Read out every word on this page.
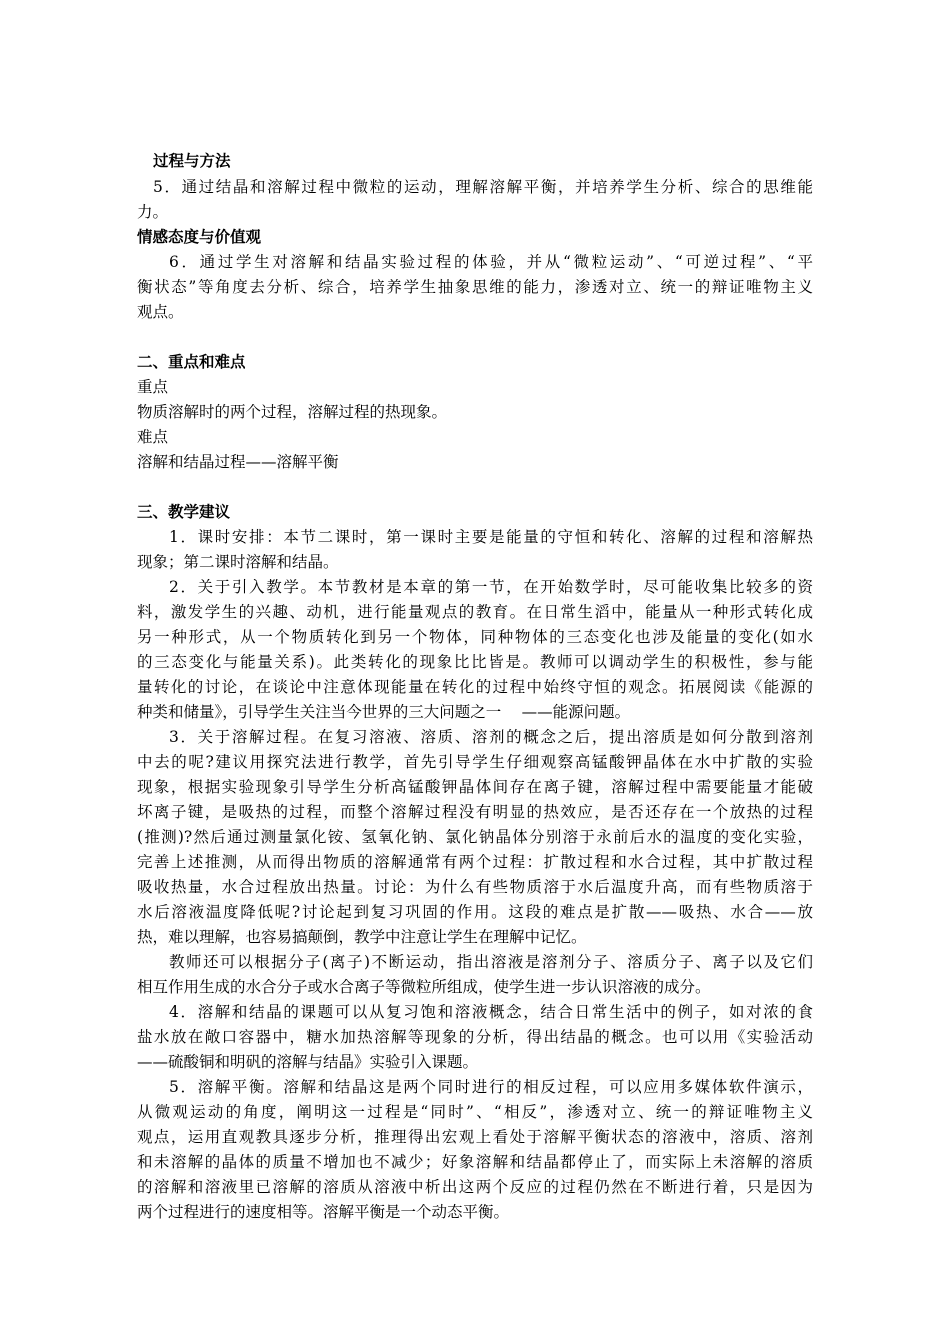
过程与方法
5．通过结晶和溶解过程中微粒的运动，理解溶解平衡，并培养学生分析、综合的思维能
力。
情感态度与价值观
6．通过学生对溶解和结晶实验过程的体验，并从“微粒运动”、“可逆过程”、“平
衡状态”等角度去分析、综合，培养学生抽象思维的能力，渗透对立、统一的辩证唯物主义
观点。
二、重点和难点
重点
物质溶解时的两个过程，溶解过程的热现象。
难点
溶解和结晶过程——溶解平衡
三、教学建议
1．课时安排：本节二课时，第一课时主要是能量的守恒和转化、溶解的过程和溶解热
现象；第二课时溶解和结晶。
2．关于引入教学。本节教材是本章的第一节，在开始数学时，尽可能收集比较多的资
料，激发学生的兴趣、动机，进行能量观点的教育。在日常生滔中，能量从一种形式转化成
另一种形式，从一个物质转化到另一个物体，同种物体的三态变化也涉及能量的变化(如水
的三态变化与能量关系)。此类转化的现象比比皆是。教师可以调动学生的积极性，参与能
量转化的讨论，在谈论中注意体现能量在转化的过程中始终守恒的观念。拓展阅读《能源的
种类和储量》，引导学生关注当今世界的三大问题之一　 ——能源问题。
3．关于溶解过程。在复习溶液、溶质、溶剂的概念之后，提出溶质是如何分散到溶剂
中去的呢?建议用探究法进行教学，首先引导学生仔细观察高锰酸钾晶体在水中扩散的实验
现象，根据实验现象引导学生分析高锰酸钾晶体间存在离子键，溶解过程中需要能量才能破
坏离子键，是吸热的过程，而整个溶解过程没有明显的热效应，是否还存在一个放热的过程
(推测)?然后通过测量氯化铵、氢氧化钠、氯化钠晶体分别溶于永前后水的温度的变化实验，
完善上述推测，从而得出物质的溶解通常有两个过程：扩散过程和水合过程，其中扩散过程
吸收热量，水合过程放出热量。讨论：为什么有些物质溶于水后温度升高，而有些物质溶于
水后溶液温度降低呢?讨论起到复习巩固的作用。这段的难点是扩散——吸热、水合——放
热，难以理解，也容易搞颠倒，教学中注意让学生在理解中记忆。
教师还可以根据分子(离子)不断运动，指出溶液是溶剂分子、溶质分子、离子以及它们
相互作用生成的水合分子或水合离子等微粒所组成，使学生进一步认识溶液的成分。
4．溶解和结晶的课题可以从复习饱和溶液概念，结合日常生活中的例子，如对浓的食
盐水放在敞口容器中，糖水加热溶解等现象的分析，得出结晶的概念。也可以用《实验活动
——硫酸铜和明矾的溶解与结晶》实验引入课题。
5．溶解平衡。溶解和结晶这是两个同时进行的相反过程，可以应用多媒体软件演示，
从微观运动的角度，阐明这一过程是“同时”、“相反”，渗透对立、统一的辩证唯物主义
观点，运用直观教具逐步分析，推理得出宏观上看处于溶解平衡状态的溶液中，溶质、溶剂
和未溶解的晶体的质量不增加也不减少；好象溶解和结晶都停止了，而实际上未溶解的溶质
的溶解和溶液里已溶解的溶质从溶液中析出这两个反应的过程仍然在不断进行着，只是因为
两个过程进行的速度相等。溶解平衡是一个动态平衡。
